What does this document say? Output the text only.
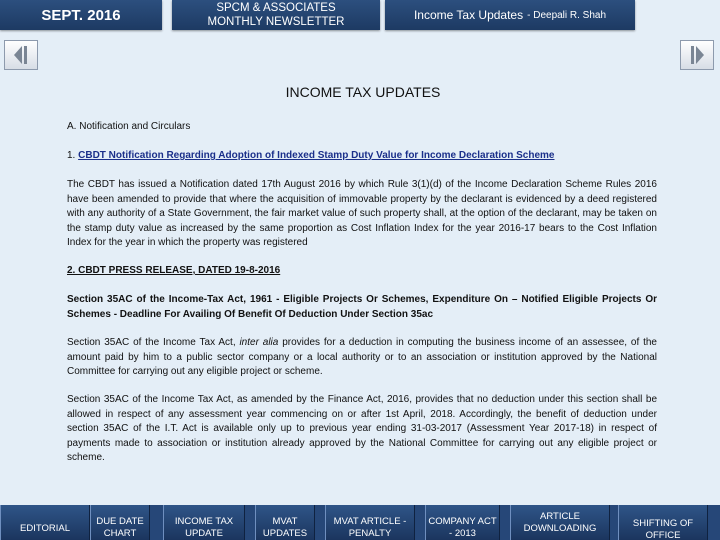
SEPT. 2016	SPCM & ASSOCIATES
MONTHLY NEWSLETTER	Income Tax Updates - Deepali R. Shah
INCOME TAX UPDATES
A. Notification and Circulars
1. CBDT Notification Regarding Adoption of Indexed Stamp Duty Value for Income Declaration Scheme
The CBDT has issued a Notification dated 17th August 2016 by which Rule 3(1)(d) of the Income Declaration Scheme Rules 2016 have been amended to provide that where the acquisition of immovable property by the declarant is evidenced by a deed registered with any authority of a State Government, the fair market value of such property shall, at the option of the declarant, may be taken on the stamp duty value as increased by the same proportion as Cost Inflation Index for the year 2016-17 bears to the Cost Inflation Index for the year in which the property was registered
2. CBDT PRESS RELEASE, DATED 19-8-2016
Section 35AC of the Income-Tax Act, 1961 - Eligible Projects Or Schemes, Expenditure On – Notified Eligible Projects Or Schemes - Deadline For Availing Of Benefit Of Deduction Under Section 35ac
Section 35AC of the Income Tax Act, inter alia provides for a deduction in computing the business income of an assessee, of the amount paid by him to a public sector company or a local authority or to an association or institution approved by the National Committee for carrying out any eligible project or scheme.
Section 35AC of the Income Tax Act, as amended by the Finance Act, 2016, provides that no deduction under this section shall be allowed in respect of any assessment year commencing on or after 1st April, 2018. Accordingly, the benefit of deduction under section 35AC of the I.T. Act is available only up to previous year ending 31-03-2017 (Assessment Year 2017-18) in respect of payments made to association or institution already approved by the National Committee for carrying out any eligible project or scheme.
EDITORIAL
DUE DATE CHART
INCOME TAX UPDATE
MVAT UPDATES
MVAT ARTICLE - PENALTY
COMPANY ACT - 2013
ARTICLE DOWNLOADING	SHIFTING OF OFFICE
